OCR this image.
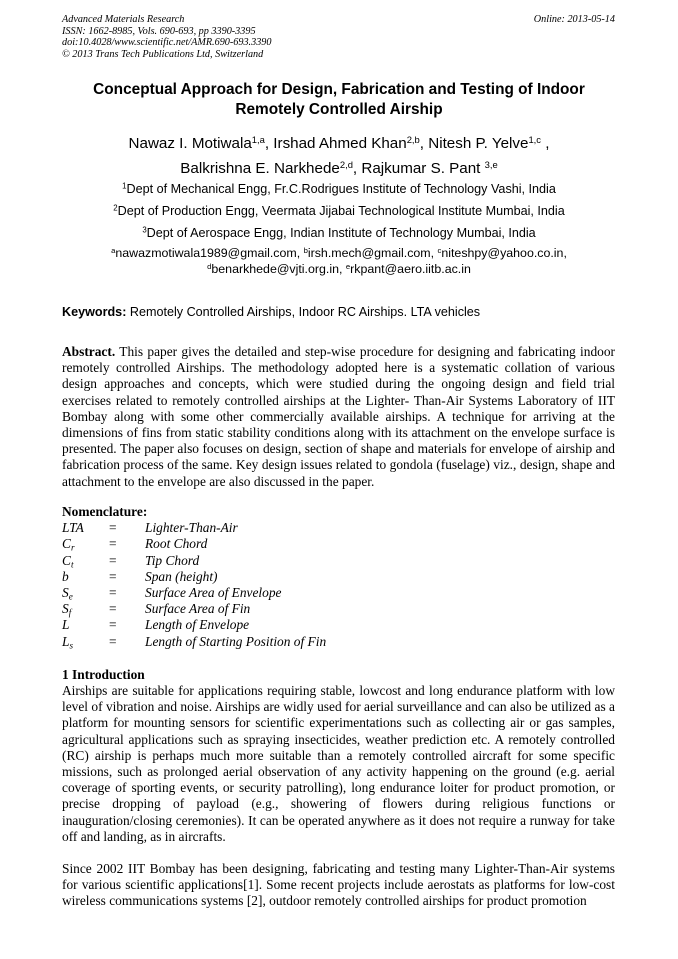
Advanced Materials Research
ISSN: 1662-8985, Vols. 690-693, pp 3390-3395
doi:10.4028/www.scientific.net/AMR.690-693.3390
© 2013 Trans Tech Publications Ltd, Switzerland
Online: 2013-05-14
Conceptual Approach for Design, Fabrication and Testing of Indoor Remotely Controlled Airship
Nawaz I. Motiwala$^{1,a}$, Irshad Ahmed Khan$^{2,b}$, Nitesh P. Yelve$^{1,c}$ ,
Balkrishna E. Narkhede$^{2,d}$, Rajkumar S. Pant $^{3,e}$
$^1$Dept of Mechanical Engg, Fr.C.Rodrigues Institute of Technology Vashi, India
$^2$Dept of Production Engg, Veermata Jijabai Technological Institute Mumbai, India
$^3$Dept of Aerospace Engg, Indian Institute of Technology Mumbai, India
$^a$nawazmotiwala1989@gmail.com, $^b$irsh.mech@gmail.com, $^c$niteshpy@yahoo.co.in,
$^d$benarkhede@vjti.org.in, $^e$rkpant@aero.iitb.ac.in
Keywords: Remotely Controlled Airships, Indoor RC Airships. LTA vehicles
Abstract. This paper gives the detailed and step-wise procedure for designing and fabricating indoor remotely controlled Airships. The methodology adopted here is a systematic collation of various design approaches and concepts, which were studied during the ongoing design and field trial exercises related to remotely controlled airships at the Lighter- Than-Air Systems Laboratory of IIT Bombay along with some other commercially available airships. A technique for arriving at the dimensions of fins from static stability conditions along with its attachment on the envelope surface is presented. The paper also focuses on design, section of shape and materials for envelope of airship and fabrication process of the same. Key design issues related to gondola (fuselage) viz., design, shape and attachment to the envelope are also discussed in the paper.
Nomenclature:
LTA = Lighter-Than-Air
$C_r$	= Root Chord
$C_t$	= Tip Chord
b	= Span (height)
$S_e$	= Surface Area of Envelope
$S_f$	= Surface Area of Fin
L	= Length of Envelope
$L_s$	= Length of Starting Position of Fin
1 Introduction
Airships are suitable for applications requiring stable, lowcost and long endurance platform with low level of vibration and noise. Airships are widly used for aerial surveillance and can also be utilized as a platform for mounting sensors for scientific experimentations such as collecting air or gas samples, agricultural applications such as spraying insecticides, weather prediction etc. A remotely controlled (RC) airship is perhaps much more suitable than a remotely controlled aircraft for some specific missions, such as prolonged aerial observation of any activity happening on the ground (e.g. aerial coverage of sporting events, or security patrolling), long endurance loiter for product promotion, or precise dropping of payload (e.g., showering of flowers during religious functions or inauguration/closing ceremonies). It can be operated anywhere as it does not require a runway for take off and landing, as in aircrafts.
Since 2002 IIT Bombay has been designing, fabricating and testing many Lighter-Than-Air systems for various scientific applications[1]. Some recent projects include aerostats as platforms for low-cost wireless communications systems [2], outdoor remotely controlled airships for product promotion
